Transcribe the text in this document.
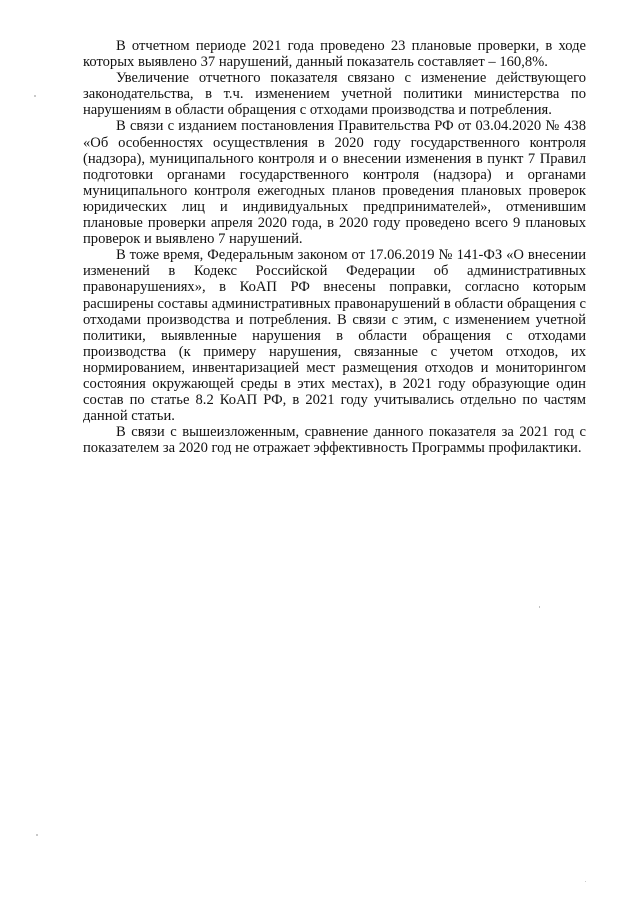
В отчетном периоде 2021 года проведено 23 плановые проверки, в ходе которых выявлено 37 нарушений, данный показатель составляет – 160,8%.

Увеличение отчетного показателя связано с изменение действующего законодательства, в т.ч. изменением учетной политики министерства по нарушениям в области обращения с отходами производства и потребления.

В связи с изданием постановления Правительства РФ от 03.04.2020 № 438 «Об особенностях осуществления в 2020 году государственного контроля (надзора), муниципального контроля и о внесении изменения в пункт 7 Правил подготовки органами государственного контроля (надзора) и органами муниципального контроля ежегодных планов проведения плановых проверок юридических лиц и индивидуальных предпринимателей», отменившим плановые проверки апреля 2020 года, в 2020 году проведено всего 9 плановых проверок и выявлено 7 нарушений.

В тоже время, Федеральным законом от 17.06.2019 № 141-ФЗ «О внесении изменений в Кодекс Российской Федерации об административных правонарушениях», в КоАП РФ внесены поправки, согласно которым расширены составы административных правонарушений в области обращения с отходами производства и потребления. В связи с этим, с изменением учетной политики, выявленные нарушения в области обращения с отходами производства (к примеру нарушения, связанные с учетом отходов, их нормированием, инвентаризацией мест размещения отходов и мониторингом состояния окружающей среды в этих местах), в 2021 году образующие один состав по статье 8.2 КоАП РФ, в 2021 году учитывались отдельно по частям данной статьи.

В связи с вышеизложенным, сравнение данного показателя за 2021 год с показателем за 2020 год не отражает эффективность Программы профилактики.
